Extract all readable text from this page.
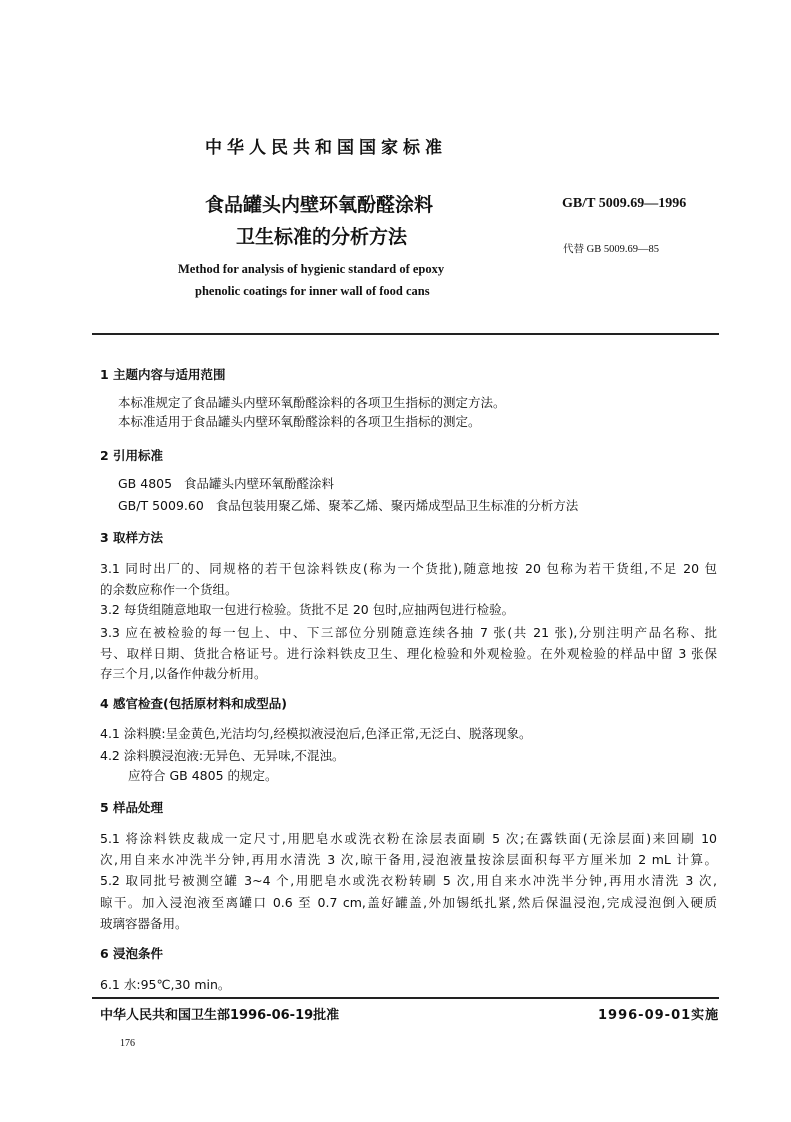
中华人民共和国国家标准
食品罐头内壁环氧酚醛涂料
卫生标准的分析方法
GB/T 5009.69—1996
代替 GB 5009.69—85
Method for analysis of hygienic standard of epoxy
phenolic coatings for inner wall of food cans
1 主题内容与适用范围
本标准规定了食品罐头内壁环氧酚醛涂料的各项卫生指标的测定方法。
本标准适用于食品罐头内壁环氧酚醛涂料的各项卫生指标的测定。
2 引用标准
GB 4805   食品罐头内壁环氧酚醛涂料
GB/T 5009.60   食品包装用聚乙烯、聚苯乙烯、聚丙烯成型品卫生标准的分析方法
3 取样方法
3.1 同时出厂的、同规格的若干包涂料铁皮(称为一个货批),随意地按 20 包称为若干货组,不足 20 包
的余数应称作一个货组。
3.2 每货组随意地取一包进行检验。货批不足 20 包时,应抽两包进行检验。
3.3 应在被检验的每一包上、中、下三部位分别随意连续各抽 7 张(共 21 张),分别注明产品名称、批
号、取样日期、货批合格证号。进行涂料铁皮卫生、理化检验和外观检验。在外观检验的样品中留 3 张保
存三个月,以备作仲裁分析用。
4 感官检查(包括原材料和成型品)
4.1 涂料膜:呈金黄色,光洁均匀,经模拟液浸泡后,色泽正常,无泛白、脱落现象。
4.2 涂料膜浸泡液:无异色、无异味,不混浊。
应符合 GB 4805 的规定。
5 样品处理
5.1 将涂料铁皮裁成一定尺寸,用肥皂水或洗衣粉在涂层表面刷 5 次;在露铁面(无涂层面)来回刷 10
次,用自来水冲洗半分钟,再用水清洗 3 次,晾干备用,浸泡液量按涂层面积每平方厘米加 2 mL 计算。
5.2 取同批号被测空罐 3~4 个,用肥皂水或洗衣粉转刷 5 次,用自来水冲洗半分钟,再用水清洗 3 次,
晾干。加入浸泡液至离罐口 0.6 至 0.7 cm,盖好罐盖,外加锡纸扎紧,然后保温浸泡,完成浸泡倒入硬质
玻璃容器备用。
6 浸泡条件
6.1 水:95℃,30 min。
中华人民共和国卫生部1996-06-19批准	1996-09-01实施
176
